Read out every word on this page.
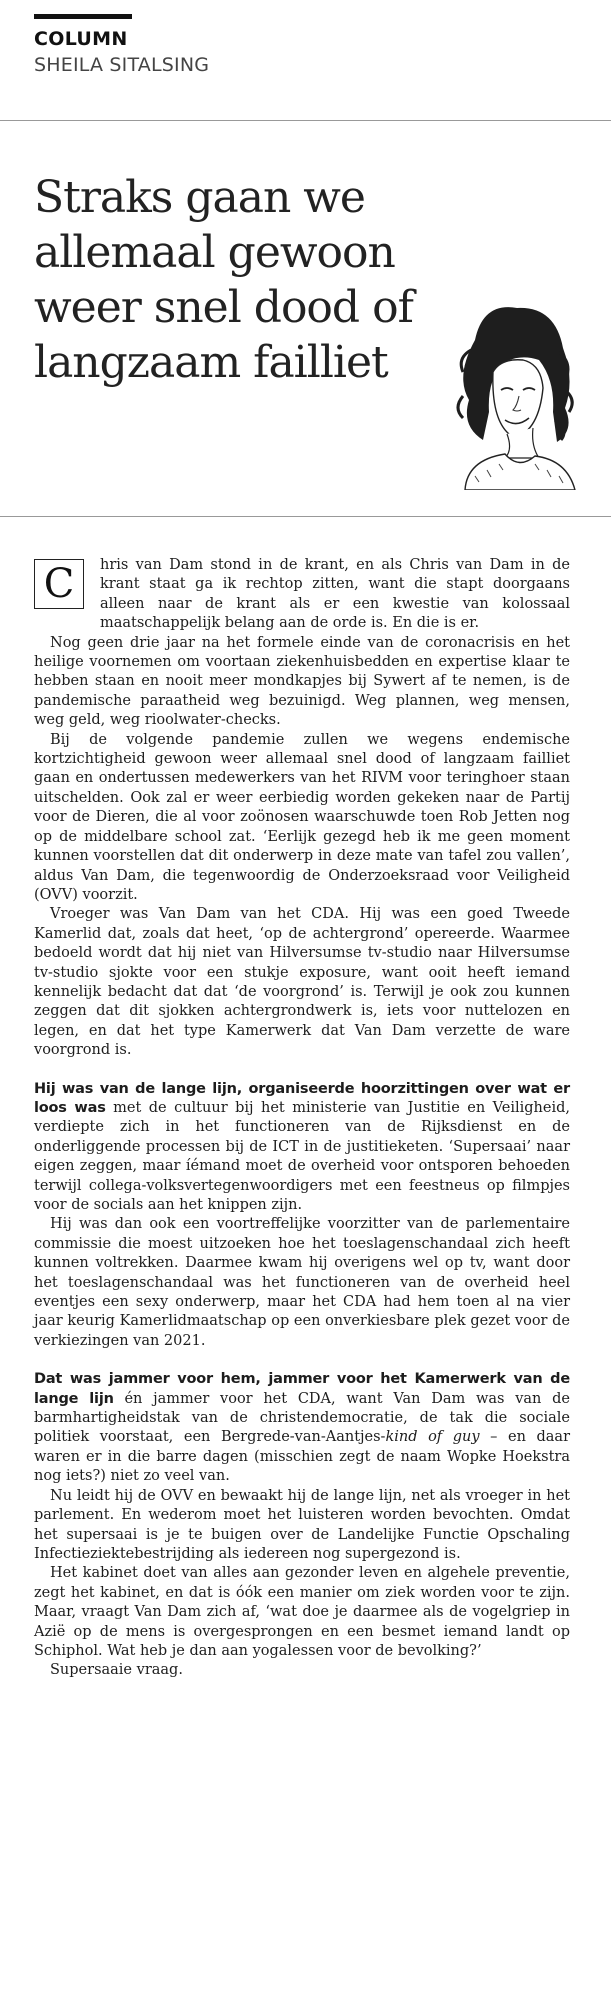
COLUMN
SHEILA SITALSING
Straks gaan we allemaal gewoon weer snel dood of langzaam failliet

C	hris van Dam stond in de krant, en als Chris van Dam in de krant staat ga ik rechtop zitten, want die stapt doorgaans alleen naar de krant als er een kwestie van kolossaal maatschappelijk belang aan de orde is. En die is er.

Nog geen drie jaar na het formele einde van de coronacrisis en het heilige voornemen om voortaan ziekenhuisbedden en expertise klaar te hebben staan en nooit meer mondkapjes bij Sywert af te nemen, is de pandemische paraatheid weg bezuinigd. Weg plannen, weg mensen, weg geld, weg rioolwater-checks.

Bij de volgende pandemie zullen we wegens endemische kortzichtigheid gewoon weer allemaal snel dood of langzaam failliet gaan en ondertussen medewerkers van het RIVM voor teringhoer staan uitschelden. Ook zal er weer eerbiedig worden gekeken naar de Partij voor de Dieren, die al voor zoönosen waarschuwde toen Rob Jetten nog op de middelbare school zat. ‘Eerlijk gezegd heb ik me geen moment kunnen voorstellen dat dit onderwerp in deze mate van tafel zou vallen’, aldus Van Dam, die tegenwoordig de Onderzoeksraad voor Veiligheid (OVV) voorzit.

Vroeger was Van Dam van het CDA. Hij was een goed Tweede Kamerlid dat, zoals dat heet, ‘op de achtergrond’ opereerde. Waarmee bedoeld wordt dat hij niet van Hilversumse tv-studio naar Hilversumse tv-studio sjokte voor een stukje exposure, want ooit heeft iemand kennelijk bedacht dat dat ‘de voorgrond’ is. Terwijl je ook zou kunnen zeggen dat dit sjokken achtergrondwerk is, iets voor nuttelozen en legen, en dat het type Kamerwerk dat Van Dam verzette de ware voorgrond is.

Hij was van de lange lijn, organiseerde hoorzittingen over wat er loos was met de cultuur bij het ministerie van Justitie en Veiligheid, verdiepte zich in het functioneren van de Rijksdienst en de onderliggende processen bij de ICT in de justitieketen. ‘Supersaai’ naar eigen zeggen, maar íémand moet de overheid voor ontsporen behoeden terwijl collega-volksvertegenwoordigers met een feestneus op filmpjes voor de socials aan het knippen zijn.

Hij was dan ook een voortreffelijke voorzitter van de parlementaire commissie die moest uitzoeken hoe het toeslagenschandaal zich heeft kunnen voltrekken. Daarmee kwam hij overigens wel op tv, want door het toeslagenschandaal was het functioneren van de overheid heel eventjes een sexy onderwerp, maar het CDA had hem toen al na vier jaar keurig Kamerlidmaatschap op een onverkiesbare plek gezet voor de verkiezingen van 2021.

Dat was jammer voor hem, jammer voor het Kamerwerk van de lange lijn én jammer voor het CDA, want Van Dam was van de barmhartigheidstak van de christendemocratie, de tak die sociale politiek voorstaat, een Bergrede-van-Aantjes-kind of guy – en daar waren er in die barre dagen (misschien zegt de naam Wopke Hoekstra nog iets?) niet zo veel van.

Nu leidt hij de OVV en bewaakt hij de lange lijn, net als vroeger in het parlement. En wederom moet het luisteren worden bevochten. Omdat het supersaai is je te buigen over de Landelijke Functie Opschaling Infectieziektebestrijding als iedereen nog supergezond is.

Het kabinet doet van alles aan gezonder leven en algehele preventie, zegt het kabinet, en dat is óók een manier om ziek worden voor te zijn. Maar, vraagt Van Dam zich af, ‘wat doe je daarmee als de vogelgriep in Azië op de mens is overgesprongen en een besmet iemand landt op Schiphol. Wat heb je dan aan yogalessen voor de bevolking?’

Supersaaie vraag.
